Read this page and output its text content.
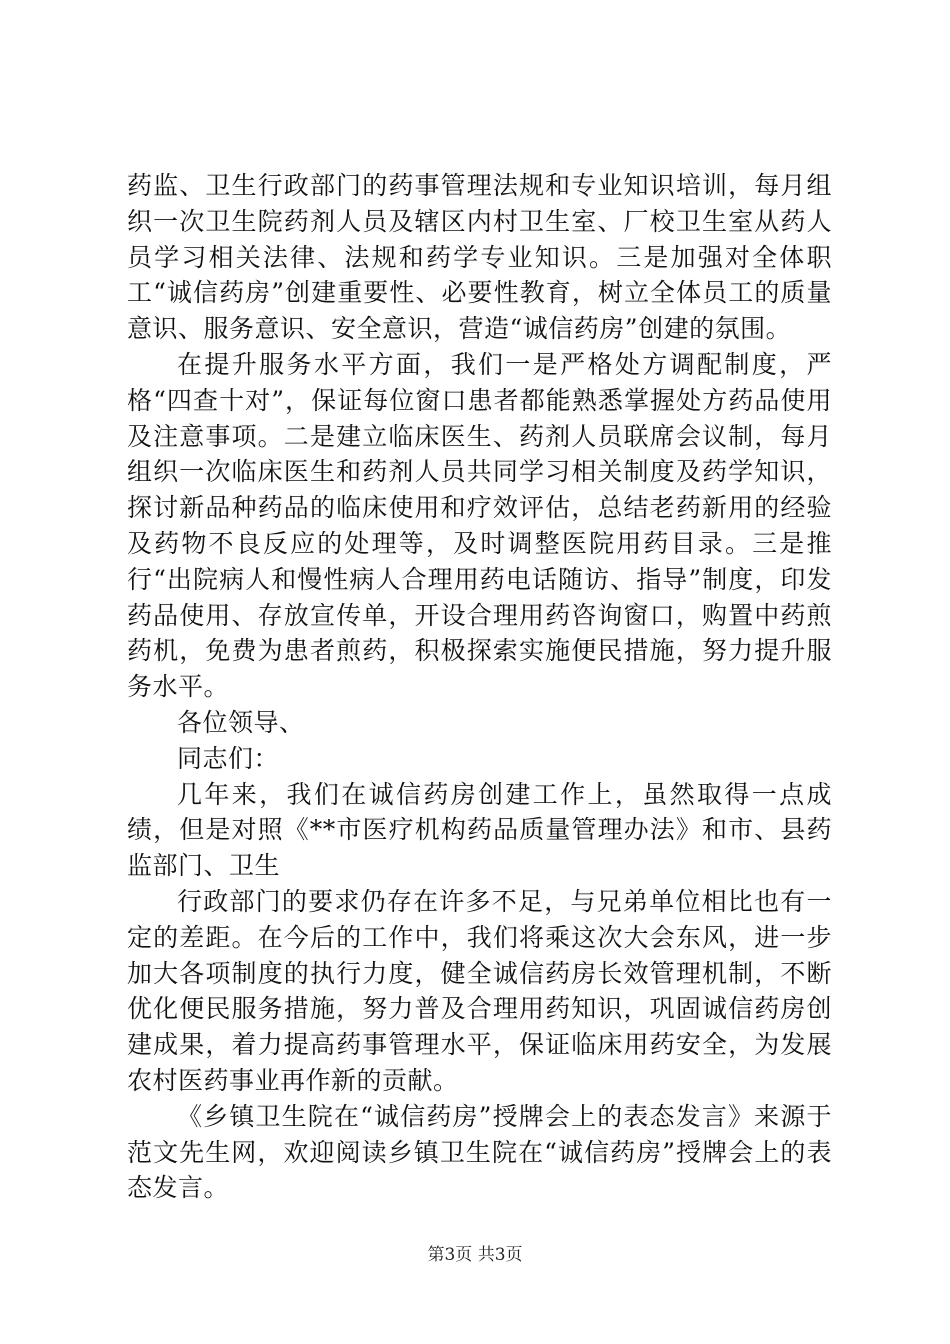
药监、卫生行政部门的药事管理法规和专业知识培训，每月组织一次卫生院药剂人员及辖区内村卫生室、厂校卫生室从药人员学习相关法律、法规和药学专业知识。三是加强对全体职工“诚信药房”创建重要性、必要性教育，树立全体员工的质量意识、服务意识、安全意识，营造“诚信药房”创建的氛围。

在提升服务水平方面，我们一是严格处方调配制度，严格“四查十对”，保证每位窗口患者都能熟悉掌握处方药品使用及注意事项。二是建立临床医生、药剂人员联席会议制，每月组织一次临床医生和药剂人员共同学习相关制度及药学知识，探讨新品种药品的临床使用和疗效评估，总结老药新用的经验及药物不良反应的处理等，及时调整医院用药目录。三是推行“出院病人和慢性病人合理用药电话随访、指导”制度，印发药品使用、存放宣传单，开设合理用药咨询窗口，购置中药煎药机，免费为患者煎药，积极探索实施便民措施，努力提升服务水平。

各位领导、

同志们：

几年来，我们在诚信药房创建工作上，虽然取得一点成绩，但是对照《**市医疗机构药品质量管理办法》和市、县药监部门、卫生

行政部门的要求仍存在许多不足，与兄弟单位相比也有一定的差距。在今后的工作中，我们将乘这次大会东风，进一步加大各项制度的执行力度，健全诚信药房长效管理机制，不断优化便民服务措施，努力普及合理用药知识，巩固诚信药房创建成果，着力提高药事管理水平，保证临床用药安全，为发展农村医药事业再作新的贡献。

《乡镇卫生院在“诚信药房”授牌会上的表态发言》来源于范文先生网，欢迎阅读乡镇卫生院在“诚信药房”授牌会上的表态发言。

第3页 共3页
